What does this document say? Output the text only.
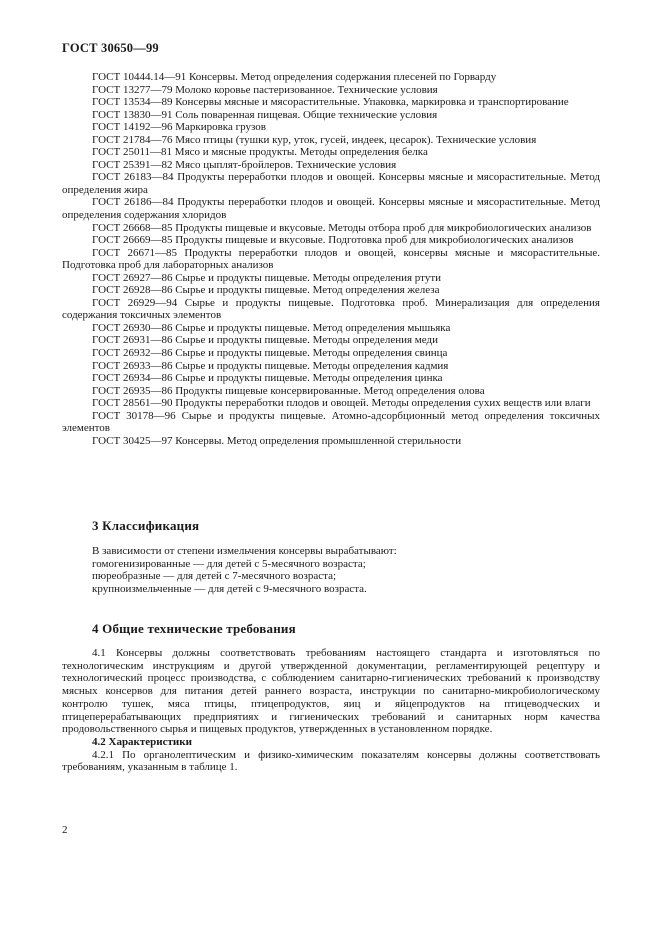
ГОСТ 30650—99

ГОСТ 10444.14—91 Консервы. Метод определения содержания плесеней по Горварду

ГОСТ 13277—79 Молоко коровье пастеризованное. Технические условия

ГОСТ 13534—89 Консервы мясные и мясорастительные. Упаковка, маркировка и транспортирование

ГОСТ 13830—91 Соль поваренная пищевая. Общие технические условия

ГОСТ 14192—96 Маркировка грузов

ГОСТ 21784—76 Мясо птицы (тушки кур, уток, гусей, индеек, цесарок). Технические условия

ГОСТ 25011—81 Мясо и мясные продукты. Методы определения белка

ГОСТ 25391—82 Мясо цыплят-бройлеров. Технические условия

ГОСТ 26183—84 Продукты переработки плодов и овощей. Консервы мясные и мясорастительные. Метод определения жира

ГОСТ 26186—84 Продукты переработки плодов и овощей. Консервы мясные и мясорастительные. Метод определения содержания хлоридов

ГОСТ 26668—85 Продукты пищевые и вкусовые. Методы отбора проб для микробиологических анализов

ГОСТ 26669—85 Продукты пищевые и вкусовые. Подготовка проб для микробиологических анализов

ГОСТ 26671—85 Продукты переработки плодов и овощей, консервы мясные и мясорастительные. Подготовка проб для лабораторных анализов

ГОСТ 26927—86 Сырье и продукты пищевые. Методы определения ртути

ГОСТ 26928—86 Сырье и продукты пищевые. Метод определения железа

ГОСТ 26929—94 Сырье и продукты пищевые. Подготовка проб. Минерализация для определения содержания токсичных элементов

ГОСТ 26930—86 Сырье и продукты пищевые. Метод определения мышьяка

ГОСТ 26931—86 Сырье и продукты пищевые. Методы определения меди

ГОСТ 26932—86 Сырье и продукты пищевые. Методы определения свинца

ГОСТ 26933—86 Сырье и продукты пищевые. Методы определения кадмия

ГОСТ 26934—86 Сырье и продукты пищевые. Методы определения цинка

ГОСТ 26935—86 Продукты пищевые консервированные. Метод определения олова

ГОСТ 28561—90 Продукты переработки плодов и овощей. Методы определения сухих веществ или влаги

ГОСТ 30178—96 Сырье и продукты пищевые. Атомно-адсорбционный метод определения токсичных элементов

ГОСТ 30425—97 Консервы. Метод определения промышленной стерильности

3 Классификация

В зависимости от степени измельчения консервы вырабатывают:

гомогенизированные — для детей с 5-месячного возраста;

пюреобразные — для детей с 7-месячного возраста;

крупноизмельченные — для детей с 9-месячного возраста.

4 Общие технические требования

4.1 Консервы должны соответствовать требованиям настоящего стандарта и изготовляться по технологическим инструкциям и другой утвержденной документации, регламентирующей рецептуру и технологический процесс производства, с соблюдением санитарно-гигиенических требований к производству мясных консервов для питания детей раннего возраста, инструкции по санитарно-микробиологическому контролю тушек, мяса птицы, птицепродуктов, яиц и яйцепродуктов на птицеводческих и птицеперерабатывающих предприятиях и гигиенических требований и санитарных норм качества продовольственного сырья и пищевых продуктов, утвержденных в установленном порядке.

4.2 Характеристики

4.2.1 По органолептическим и физико-химическим показателям консервы должны соответствовать требованиям, указанным в таблице 1.

2
